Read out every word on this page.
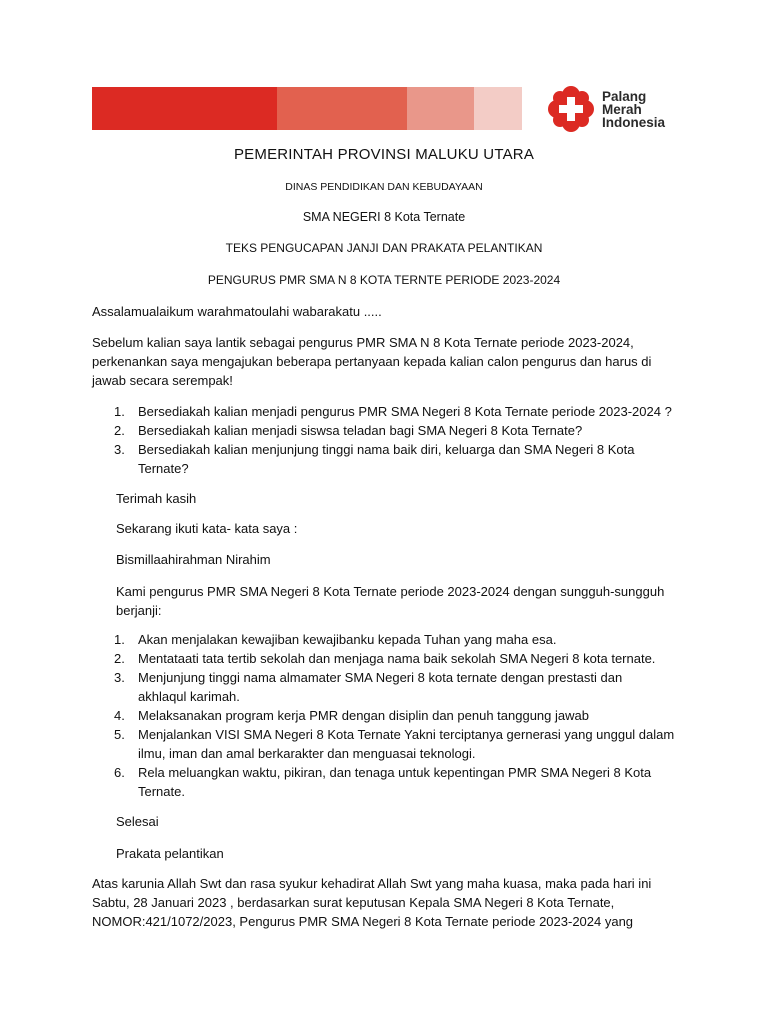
Palang
Merah
Indonesia
PEMERINTAH PROVINSI MALUKU UTARA
DINAS PENDIDIKAN DAN KEBUDAYAAN
SMA NEGERI 8 Kota Ternate
TEKS PENGUCAPAN JANJI DAN PRAKATA PELANTIKAN
PENGURUS PMR SMA N 8 KOTA TERNTE PERIODE 2023-2024
Assalamualaikum warahmatoulahi wabarakatu .....
Sebelum kalian saya lantik sebagai pengurus PMR SMA N 8 Kota Ternate periode 2023-2024,
perkenankan saya mengajukan beberapa pertanyaan kepada kalian calon pengurus dan harus di
jawab secara serempak!
1. Bersediakah kalian menjadi pengurus PMR SMA Negeri 8 Kota Ternate periode 2023-2024 ?
2. Bersediakah kalian menjadi siswsa teladan bagi SMA Negeri 8 Kota Ternate?
3. Bersediakah kalian menjunjung tinggi nama baik diri, keluarga dan SMA Negeri 8 Kota
Ternate?
Terimah kasih
Sekarang ikuti kata- kata saya :
Bismillaahirahman Nirahim
Kami pengurus PMR SMA Negeri 8 Kota Ternate periode 2023-2024 dengan sungguh-sungguh
berjanji:
1. Akan menjalakan kewajiban kewajibanku kepada Tuhan yang maha esa.
2. Mentataati tata tertib sekolah dan menjaga nama baik sekolah SMA Negeri 8 kota ternate.
3. Menjunjung tinggi nama almamater SMA Negeri 8 kota ternate dengan prestasti dan
akhlaqul karimah.
4. Melaksanakan program kerja PMR dengan disiplin dan penuh tanggung jawab
5. Menjalankan VISI SMA Negeri 8 Kota Ternate Yakni terciptanya gernerasi yang unggul dalam
ilmu, iman dan amal berkarakter dan menguasai teknologi.
6. Rela meluangkan waktu, pikiran, dan tenaga untuk kepentingan PMR SMA Negeri 8 Kota
Ternate.
Selesai
Prakata pelantikan
Atas karunia Allah Swt dan rasa syukur kehadirat Allah Swt yang maha kuasa, maka pada hari ini
Sabtu, 28 Januari 2023 , berdasarkan surat keputusan Kepala SMA Negeri 8 Kota Ternate,
NOMOR:421/1072/2023, Pengurus PMR SMA Negeri 8 Kota Ternate periode 2023-2024 yang
